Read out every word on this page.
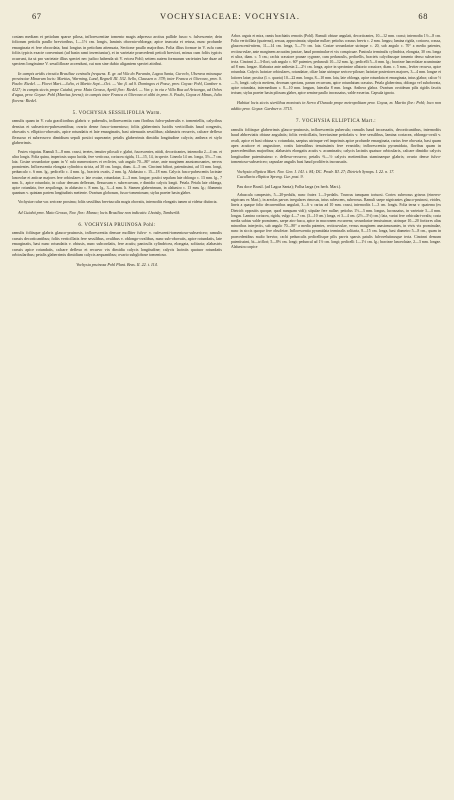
67	VOCHYSIACEAE: VOCHYSIA.	68

costam mediam et petiolum sparse pilosa, inflorescentiae tomento magis adpresso arctius pallide fusco v. fulvescente; dein foliorum petiolis paullo brevioribus, 1—1½ cm. longis, laminis obovato-oblonga; apice truncata et retusa, nunc profunde emarginata et fere obcordata, basi longius in petiolum attenuata, Sectione paullo majoribus. Folia illius formae in V. rufa cum foliis typicis exacte conveniunt (ad basin rami inveniuntur), et in varietate praecedenti petioli breviori, minus cum foliis typicis ocurrunt, ita ut pro varietate illius speciei nec judico habenda sit V. ericea Pohl; settem autem formarum varietates hae duae ad speciem longissime V. sessiliflorae accendunt, cui non sine dubio aligantem speciei attribui.

In campis aridis circuitu Brasiliae centralis frequens. E. gr. ad Vila do Paranán, Lagoa Santa, Curvelo, Uberava minasque provinciae Minarum locis: Martius, Warming, Lund, Regnell III. 532. Sello, Claussen n. 378; inter Franca et Uberava, prov. S. Paulo: Riedel. — Floret Mart.—Julio, et Martio Sept.—Oct. — Var. β. ad S. Domingos et Posse, prov. Goyaz: Pohl, Gardner n. 4127; in campis siccis prope Cuiabá, prov. Mato Grosso, Aprili flor.: Riedel. — Var. γ. in via e Villa Boa ad Aricanga, ad Orbes d'agua, prov. Goyaz: Pohl (Martius ferens); in campis inter Franca et Uberava et alibi in prov. S. Paulo, Goyaz et Minas, Julio florens: Riedel.

5. VOCHYSIA SESSILIFOLIA Warm.

ramulis quam in V. rufa gracilioribus glabris v. puberulis, inflorescentia cum floribus fulvo-puberulis v. tomentellis, calycibus densius et subsericeo-pubescentibus; ovario dense fusco-tomentoso; foliis glaberrimis lucidis verticillatis haud congestis, obovatis v. elliptico-obovatis, apice rotundatis et late emarginatis, basi attenuatis sessilibus; alabastris recurvis, calcare deflexo flexuoso et subrecurvo dimidium sepali postici superante; petalis glaberrimis dimidia longitudine calycis; anthera et stylo glaberrimis.

Frutex virgatus. Ramuli 5—8 mm. crassi, teretes, tenuiter pilosuli v. glabri, fuscescentes, nitidi, decorticantes, internodia 2—4 cm. et ultra longis. Folia quina, imperiosis supra lucida, fere verticosa, coriacea rigida, 11—15, 14, in specie. Lineola 14 cm. longa, 3½—7 cm. lata. Costae secundariae quam in V. rufa numerosiores et reclivies, sub angulo 70—80° ortae, ante marginem anastomosantes, nervos promientes. Inflorescentia elongata cylindrica stricta, ad 30 cm. longa, diam. 4—5 cm. Cincinni bifiori, patentissimi, ad 13 mm. longi, pedunculo c. 6 mm. lg., pedicello c. 4 mm. lg., bracteis ovatis, 2 mm. lg. Alabastra c. 15—18 mm. Calycis fusco-pubescentis laciniae lanceolae et anticae majores fere orbiculares v. late ovatae, rotundatae, 2—3 mm. longae; postici sepalum late oblongo c. 13 mm. lg., 7 mm. lt., apice rotundato, in calcar densum deflexum, flexuosum v. subrecurvum, e dimidio calycis longii. Petala. Petala late oblonga, apice rotundata, fere aequilonga, in alabastro c. 8 mm. lg., 3—4 mm. lt. Stamen glaberrimum, in alabastro c. 13 mm. lg.; filamento quantum v. quintam partem longitudinis metiente. Ovarium globosum, fusco-tomentosum; stylus praeter basin glaber.

Vochysiae rufae var. sericeae proxima; foliis sessilibus breviusculis magis obovatis, internodiis elongatis tamen ut videtur distincta.

Ad Cuiabá prov. Mato Grosso, Nov. flor.: Manso; locis Brasiliae non indicatis: Lhotsky, Tamberlik.

6. VOCHYSIA PRUINOSA Pohl:

ramulis foliisque glabris glauco-pruinosis, inflorescentia densae molliter fulvo- v. rufescenti-tomentoso-subsericeo; ramulis crassis decorticantibus; foliis verticillatis fere sessilibus, ovalibus v. oblongo-ovalibus, nunc sub-obovatis, apice rotundatis, late emarginatis, basi nunc rotundatis v. obtusis, nunc subcordatis, fere acutis; paniculis cylindricea, elongata, solitaria; alabastris crassis apice rotundatis, calcare deflexo et recurvo vix dimidia calycis longitudine; calycis laciniis quatuor rotundatis orbicularibus; petalis glaberrimis dimidium calycis aequantibus; ovario subglobose tomentoso.

Vochysia pruinosa Pohl Plant. Bras. II. 22. t. 114.

Arbor. arguis et mira, ramis brachiatis remotis (Pohl). Ramuli obtuse angulati, decorticantes, 10—12 mm. crassi; internodia 1½—8 cm. Folia verticillata (quaterna), sessua, approximata; stipulae nullae; petiolus crassus brevis c. 2 mm. longus; lamina rigida, coriacea, crassa, glaucescenti-nitens, 11—14 cm. longa, 5—7½ cm. lata. Costae secundariae utrinque c. 20, sub angulo c. 70° a media patentes, recticurvulae, ante marginem arcuatim junctae, haud prominulae et vix conspicuae. Panicula terminalis cylindrica, elongata, 30 cm. longa et ultra, diam. c. 5 cm.; rachis crassiore prunae cygneae, cum pedunculis, pedicellis, bracteis calycibusque tomento denso subsericeo tecta. Cincinni 2—3-flori, sub angulo c. 60° patentes; pedunculi 10—12 mm. lg.; pedicelli 5—6 mm. lg.; bracteae lanceolatae acuminatae ad 8 mm. longae. Alabastra ante anthesin 2—2½ cm. longa, apice in specimine allatorio crassiore, diam. c. 5 mm., leviter recurva, apice rotundata. Calycis laciniae orbiculares, rotundatae, ciliae latae utrinque sericeo-pilosae; laciniae posteriores majores, 3—4 mm. longae et latiores latae; postica (l. c. quarta) 10—22 mm. longa, 8—10 mm. lata, late oblonga, apice rotundata et emarginata, intus glabra; calcar ½—⅓, longit. calycis metiens, deorsum spectans, parum recurvum, apice rotundatum crassius. Petala glaberrima, oblonga vel subobovata, apice rotundata, intermedium c. 8—10 mm. longum, lateralia 8 mm. longa. Anthera glabra. Ovarium ovoideum pilis rigidis fasciis tectum; stylus praeter basin pilosam glaber, apice semine paullo incrassatus, valde exsertus. Capsula ignota.

Habitat locis siccis sterilibus montosis in Serra d'Ourada prope metropolitam prov. Goyaz, m. Martio flor.: Pohl; loco non addito prov. Goyaz: Gardner n. 3715.

7. VOCHYSIA ELLIPTICA Mart.:

ramulis foliisque glaberrimis glauco-pruinosis, inflorescentia puberula; ramulis haud incrassatis, decorticantibus, internodiis haud abbreviatis obtuse angulatis; foliis verticillatis, breviusime petiolatis v. fere sessilibus, lamina coriacea, oblongo-ovali v. ovali, apice et basi obtusa v. rotundata, saepius utrinque vel imprimis apice profunde emarginata, rarius fere obovata, basi quam apex acutiore et angustiore, costis lateralibus tenuissimis fere evanidis; inflorescentia pyramidata, floribus quam in praecedentibus majoribus; alabastris elongatis acutis v. acuminatis; calycis laciniis quatuor orbicularis, calcare dimidio calycis longitudine patentissimo v. deflexo-recurvo; petalis ⅔—½ calycis metientibus staminaeque glabris; ovario dense fulvo-tomentoso-subsericeo; capsulae angulis basi haud proliferis incrassatis.

Vochysia elliptica Mart. Nov. Gen. I. 141. t. 84; DC. Prodr. III. 27; Dietrich Synops. I. 22. n. 17.

Cucullaria elliptica Spreng. Cur. post. 9.

Pau doce Brasil. (ad Lagoa Santa); Folha larga (ex herb. Mart.).

Arbuscula campestris, 5—20-pedalis, nunc frutex 1—3-pedalis. Truncus tamquam tortuosi. Cortex suberosus griseus (einereo-nigricans ex Mart.), in areolas parvas irregulares rimosus, intus rubescens, suberosus. Ramuli saepe nigricantes glauco-pruinosi, virides, lineis a quaque folio decurrentibus angulati, 3—6 v. rarius ad 10 mm. crassi, internodiis 1—3 cm. longis. Folia terna v. quaterna (ex Dietrich oppositis quoque, quod nunquam vidi); stipulae fere nullae; petiolus 1½—3 mm. longus, lucrassatus, in varietate 3—4 mm. longus. Lamina coriacea, rigida, vulgo 4—7 cm. (3—10 cm.) longa, et 3—4 cm. (2½—5½) cm.) lata, variat fere orbiculari-ovalis; costa media subtus valde prominens, saepe atro-fusca, apice in mucronem excurrens; secundariae tenuissimae, utrinque 10—20 fortiores alias minoribus interjectis, sub angulo 70—80° a media patentes, recticurvulae, versus marginem anastomosantes, in vivis vix prominulae, nunc in siccis quoque fere obsoletae. Inflorescentia pyramidata terminalis solitaria, 8—15 cm. longa, basi diametro 5—8 cm., quam in praecedentibus multo brevior, rachi pedunculis pedicellisque pilis parvis sparsis patulis fulvovelutinusque tecta. Cincinni densum patentissimi, bi—triflori; 5—8⅔ cm. longi; peduncul ad 1½ cm. longi; pedicelli 1—1½ cm. lg.; bracteae lanceolatae, 2—3 mm. longae. Alabastra carpice
